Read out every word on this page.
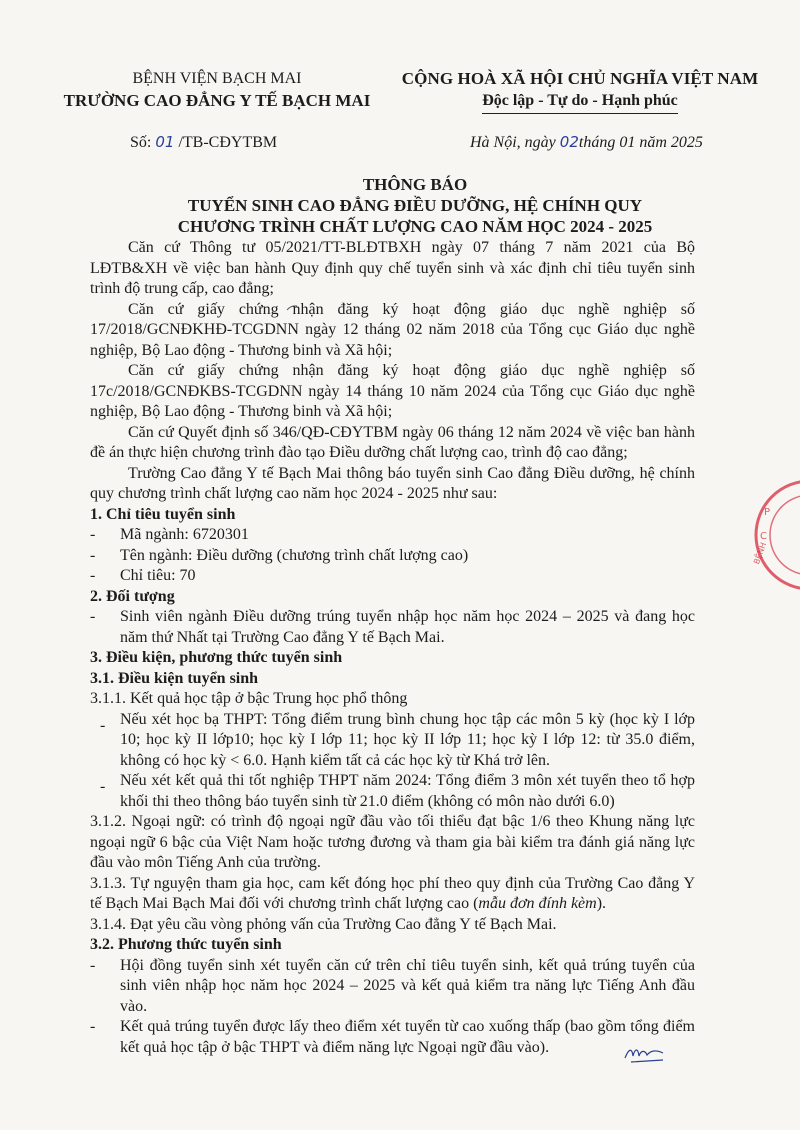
BỆNH VIỆN BẠCH MAI
TRƯỜNG CAO ĐẲNG Y TẾ BẠCH MAI
CỘNG HOÀ XÃ HỘI CHỦ NGHĨA VIỆT NAM
Độc lập - Tự do - Hạnh phúc
Số: 01 /TB-CĐYTBM	Hà Nội, ngày 02tháng 01 năm 2025
THÔNG BÁO
TUYỂN SINH CAO ĐẲNG ĐIỀU DƯỠNG, HỆ CHÍNH QUY
CHƯƠNG TRÌNH CHẤT LƯỢNG CAO NĂM HỌC 2024 - 2025

Căn cứ Thông tư 05/2021/TT-BLĐTBXH ngày 07 tháng 7 năm 2021 của Bộ LĐTB&XH về việc ban hành Quy định quy chế tuyển sinh và xác định chỉ tiêu tuyển sinh trình độ trung cấp, cao đẳng;

Căn cứ giấy chứng nhận đăng ký hoạt động giáo dục nghề nghiệp số 17/2018/GCNĐKHĐ-TCGDNN ngày 12 tháng 02 năm 2018 của Tổng cục Giáo dục nghề nghiệp, Bộ Lao động - Thương binh và Xã hội;

Căn cứ giấy chứng nhận đăng ký hoạt động giáo dục nghề nghiệp số 17c/2018/GCNĐKBS-TCGDNN ngày 14 tháng 10 năm 2024 của Tổng cục Giáo dục nghề nghiệp, Bộ Lao động - Thương binh và Xã hội;

Căn cứ Quyết định số 346/QĐ-CĐYTBM ngày 06 tháng 12 năm 2024 về việc ban hành đề án thực hiện chương trình đào tạo Điều dưỡng chất lượng cao, trình độ cao đẳng;

Trường Cao đẳng Y tế Bạch Mai thông báo tuyển sinh Cao đẳng Điều dưỡng, hệ chính quy chương trình chất lượng cao năm học 2024 - 2025 như sau:

1. Chỉ tiêu tuyển sinh

- Mã ngành: 6720301

- Tên ngành: Điều dưỡng (chương trình chất lượng cao)

- Chỉ tiêu: 70

2. Đối tượng

- Sinh viên ngành Điều dưỡng trúng tuyển nhập học năm học 2024 – 2025 và đang học năm thứ Nhất tại Trường Cao đẳng Y tế Bạch Mai.

3. Điều kiện, phương thức tuyển sinh

3.1. Điều kiện tuyển sinh

3.1.1. Kết quả học tập ở bậc Trung học phổ thông

- Nếu xét học bạ THPT: Tổng điểm trung bình chung học tập các môn 5 kỳ (học kỳ I lớp 10; học kỳ II lớp10; học kỳ I lớp 11; học kỳ II lớp 11; học kỳ I lớp 12: từ 35.0 điểm, không có học kỳ < 6.0. Hạnh kiểm tất cả các học kỳ từ Khá trở lên.

- Nếu xét kết quả thi tốt nghiệp THPT năm 2024: Tổng điểm 3 môn xét tuyển theo tổ hợp khối thi theo thông báo tuyển sinh từ 21.0 điểm (không có môn nào dưới 6.0)

3.1.2. Ngoại ngữ: có trình độ ngoại ngữ đầu vào tối thiểu đạt bậc 1/6 theo Khung năng lực ngoại ngữ 6 bậc của Việt Nam hoặc tương đương và tham gia bài kiểm tra đánh giá năng lực đầu vào môn Tiếng Anh của trường.

3.1.3. Tự nguyện tham gia học, cam kết đóng học phí theo quy định của Trường Cao đẳng Y tế Bạch Mai Bạch Mai đối với chương trình chất lượng cao (mẫu đơn đính kèm).

3.1.4. Đạt yêu cầu vòng phỏng vấn của Trường Cao đẳng Y tế Bạch Mai.

3.2. Phương thức tuyển sinh

- Hội đồng tuyển sinh xét tuyển căn cứ trên chỉ tiêu tuyển sinh, kết quả trúng tuyển của sinh viên nhập học năm học 2024 – 2025 và kết quả kiểm tra năng lực Tiếng Anh đầu vào.

- Kết quả trúng tuyển được lấy theo điểm xét tuyển từ cao xuống thấp (bao gồm tổng điểm kết quả học tập ở bậc THPT và điểm năng lực Ngoại ngữ đầu vào).

P
C
BỆNH
